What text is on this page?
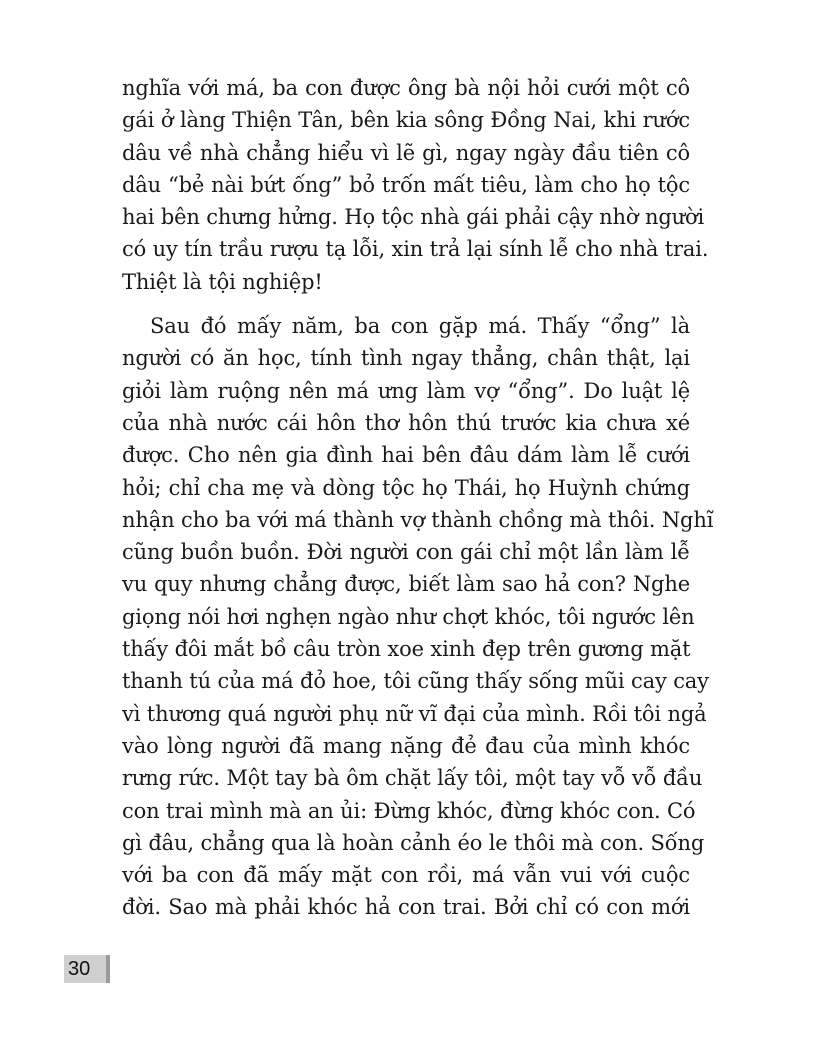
nghĩa với má, ba con được ông bà nội hỏi cưới một cô
gái ở làng Thiện Tân, bên kia sông Đồng Nai, khi rước
dâu về nhà chẳng hiểu vì lẽ gì, ngay ngày đầu tiên cô
dâu “bẻ nài bứt ống” bỏ trốn mất tiêu, làm cho họ tộc
hai bên chưng hửng. Họ tộc nhà gái phải cậy nhờ người
có uy tín trầu rượu tạ lỗi, xin trả lại sính lễ cho nhà trai.
Thiệt là tội nghiệp!
Sau đó mấy năm, ba con gặp má. Thấy “ổng” là
người có ăn học, tính tình ngay thẳng, chân thật, lại
giỏi làm ruộng nên má ưng làm vợ “ổng”. Do luật lệ
của nhà nước cái hôn thơ hôn thú trước kia chưa xé
được. Cho nên gia đình hai bên đâu dám làm lễ cưới
hỏi; chỉ cha mẹ và dòng tộc họ Thái, họ Huỳnh chứng
nhận cho ba với má thành vợ thành chồng mà thôi. Nghĩ
cũng buồn buồn. Đời người con gái chỉ một lần làm lễ
vu quy nhưng chẳng được, biết làm sao hả con? Nghe
giọng nói hơi nghẹn ngào như chợt khóc, tôi ngước lên
thấy đôi mắt bồ câu tròn xoe xinh đẹp trên gương mặt
thanh tú của má đỏ hoe, tôi cũng thấy sống mũi cay cay
vì thương quá người phụ nữ vĩ đại của mình. Rồi tôi ngả
vào lòng người đã mang nặng đẻ đau của mình khóc
rưng rức. Một tay bà ôm chặt lấy tôi, một tay vỗ vỗ đầu
con trai mình mà an ủi: Đừng khóc, đừng khóc con. Có
gì đâu, chẳng qua là hoàn cảnh éo le thôi mà con. Sống
với ba con đã mấy mặt con rồi, má vẫn vui với cuộc
đời. Sao mà phải khóc hả con trai. Bởi chỉ có con mới
30
